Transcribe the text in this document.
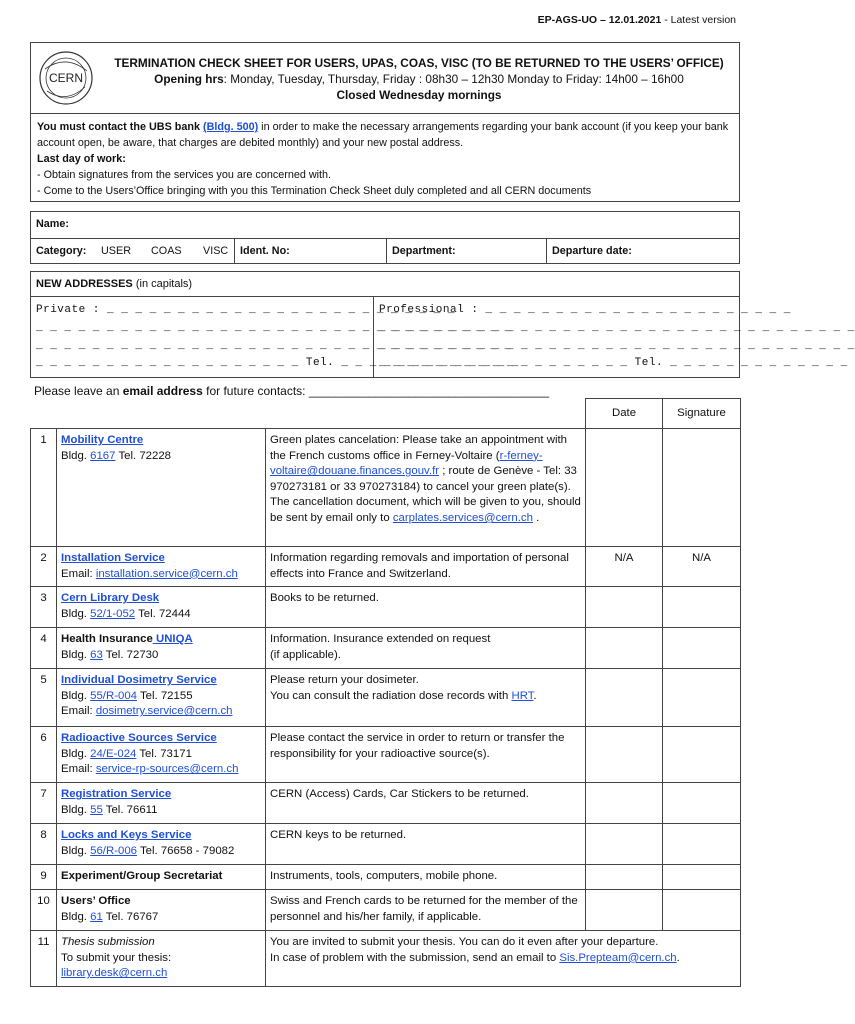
EP-AGS-UO – 12.01.2021 - Latest version
CERN
TERMINATION CHECK SHEET FOR USERS, UPAS, COAS, VISC (TO BE RETURNED TO THE USERS’ OFFICE)
Opening hrs: Monday, Tuesday, Thursday, Friday : 08h30 – 12h30 Monday to Friday: 14h00 – 16h00
Closed Wednesday mornings

You must contact the UBS bank (Bldg. 500) in order to make the necessary arrangements regarding your bank account (if you keep your bank account open, be aware, that charges are debited monthly) and your new postal address.

Last day of work:

- Obtain signatures from the services you are concerned with.

- Come to the Users’Office bringing with you this Termination Check Sheet duly completed and all CERN documents

Name:
Category: USER COAS VISC	Ident. No:	Department:	Departure date:
NEW ADDRESSES (in capitals)
Private : _ _ _ _ _ _ _ _ _ _ _ _ _ _ _ _ _ _ _ _ _ _ _ _ _
_ _ _ _ _ _ _ _ _ _ _ _ _ _ _ _ _ _ _ _ _ _ _ _ _ _ _ _ _ _ _ _ _ _
_ _ _ _ _ _ _ _ _ _ _ _ _ _ _ _ _ _ _ _ _ _ _ _ _ _ _ _ _ _ _ _ _ _
_ _ _ _ _ _ _ _ _ _ _ _ _ _ _ _ _ _ _ Tel. _ _ _ _ _ _ _ _ _ _ _ _ _
Professional : _ _ _ _ _ _ _ _ _ _ _ _ _ _ _ _ _ _ _ _ _ _
_ _ _ _ _ _ _ _ _ _ _ _ _ _ _ _ _ _ _ _ _ _ _ _ _ _ _ _ _ _ _ _ _ _
_ _ _ _ _ _ _ _ _ _ _ _ _ _ _ _ _ _ _ _ _ _ _ _ _ _ _ _ _ _ _ _ _ _
_ _ _ _ _ _ _ _ _ _ _ _ _ _ _ _ _ _ Tel. _ _ _ _ _ _ _ _ _ _ _ _ _
Please leave an email address for future contacts: ____________________________________
			Date	Signature
1	Mobility Centre
Bldg. 6167 Tel. 72228	Green plates cancelation: Please take an appointment with the French customs office in Ferney-Voltaire (r-ferney-voltaire@douane.finances.gouv.fr ; route de Genève - Tel: 33 970273181 or 33 970273184) to cancel your green plate(s). The cancellation document, which will be given to you, should be sent by email only to carplates.services@cern.ch .		
2	Installation Service
Email: installation.service@cern.ch	Information regarding removals and importation of personal effects into France and Switzerland.	N/A	N/A
3	Cern Library Desk
Bldg. 52/1-052 Tel. 72444	Books to be returned.		
4	Health Insurance UNIQA
Bldg. 63 Tel. 72730	Information. Insurance extended on request
(if applicable).		
5	Individual Dosimetry Service
Bldg. 55/R-004 Tel. 72155
Email: dosimetry.service@cern.ch	Please return your dosimeter.
You can consult the radiation dose records with HRT.		
6	Radioactive Sources Service
Bldg. 24/E-024 Tel. 73171
Email: service-rp-sources@cern.ch	Please contact the service in order to return or transfer the responsibility for your radioactive source(s).		
7	Registration Service
Bldg. 55 Tel. 76611	CERN (Access) Cards, Car Stickers to be returned.		
8	Locks and Keys Service
Bldg. 56/R-006 Tel. 76658 - 79082	CERN keys to be returned.		
9	Experiment/Group Secretariat	Instruments, tools, computers, mobile phone.		
10	Users’ Office
Bldg. 61 Tel. 76767	Swiss and French cards to be returned for the member of the personnel and his/her family, if applicable.		
11	Thesis submission
To submit your thesis:
library.desk@cern.ch	You are invited to submit your thesis. You can do it even after your departure.
In case of problem with the submission, send an email to Sis.Prepteam@cern.ch.		
